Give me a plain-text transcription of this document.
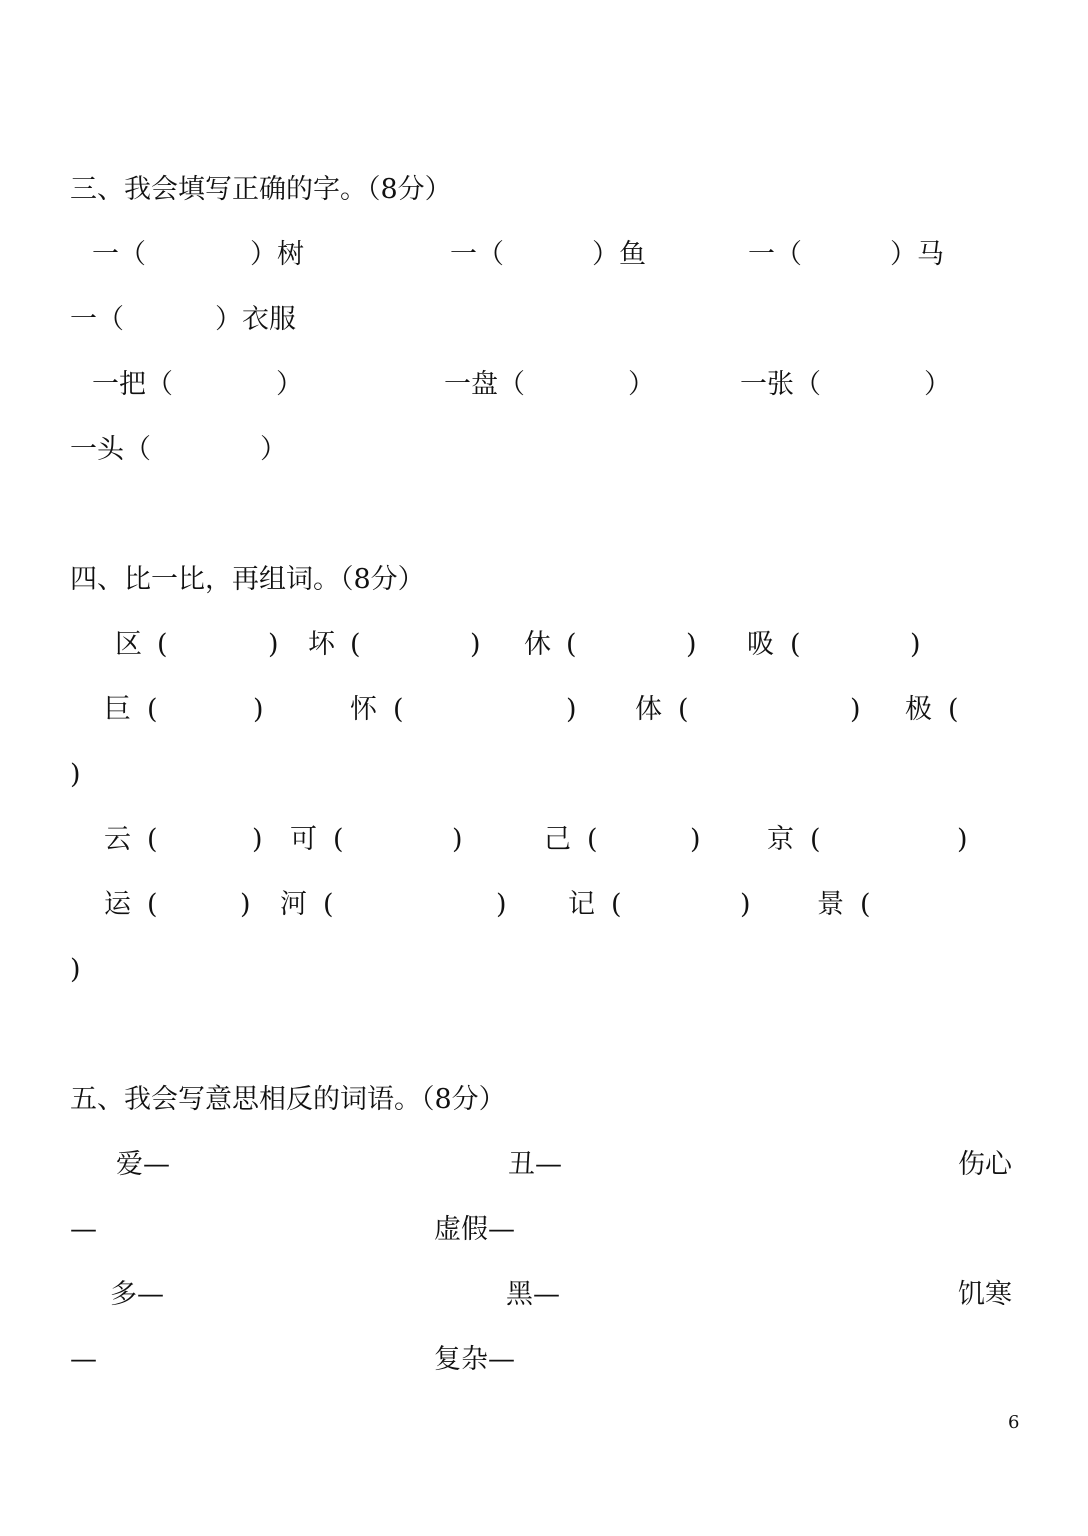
三、我会填写正确的字。（8分）
一（	）树	一（	）鱼	一（	）马
一（	）衣服
一把（	）	一盘（	）	一张（	）
一头（	）
四、比一比，再组词。（8分）
区 (	) 坏 (	) 休 (	) 吸 (	)
巨 (	)	怀 (	) 体 (	) 极 (
)
云 (	) 可 (	)	己 (	) 京 (	)
运 (	) 河 (	) 记 (	) 景 (
)
五、我会写意思相反的词语。（8分）
爱—	丑—	伤心
—	虚假—
多—	黑—	饥寒
—	复杂—
6
